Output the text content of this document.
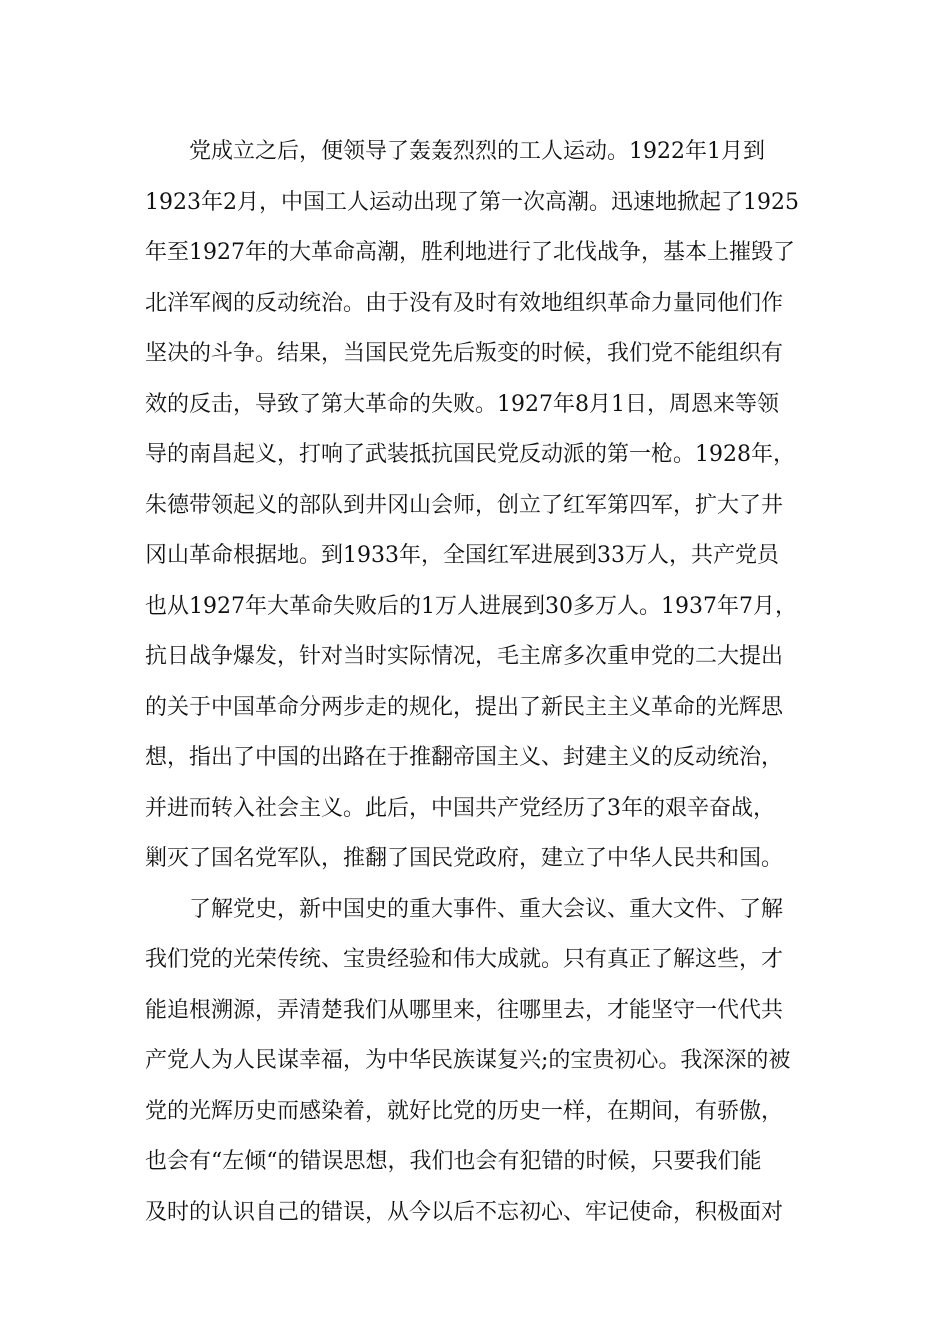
　　党成立之后，便领导了轰轰烈烈的工人运动。1922年1月到
1923年2月，中国工人运动出现了第一次高潮。迅速地掀起了1925
年至1927年的大革命高潮，胜利地进行了北伐战争，基本上摧毁了
北洋军阀的反动统治。由于没有及时有效地组织革命力量同他们作
坚决的斗争。结果，当国民党先后叛变的时候，我们党不能组织有
效的反击，导致了第大革命的失败。1927年8月1日，周恩来等领
导的南昌起义，打响了武装抵抗国民党反动派的第一枪。1928年，
朱德带领起义的部队到井冈山会师，创立了红军第四军，扩大了井
冈山革命根据地。到1933年，全国红军进展到33万人，共产党员
也从1927年大革命失败后的1万人进展到30多万人。1937年7月，
抗日战争爆发，针对当时实际情况，毛主席多次重申党的二大提出
的关于中国革命分两步走的规化，提出了新民主主义革命的光辉思
想，指出了中国的出路在于推翻帝国主义、封建主义的反动统治，
并进而转入社会主义。此后，中国共产党经历了3年的艰辛奋战，
剿灭了国名党军队，推翻了国民党政府，建立了中华人民共和国。
　　了解党史，新中国史的重大事件、重大会议、重大文件、了解
我们党的光荣传统、宝贵经验和伟大成就。只有真正了解这些，才
能追根溯源，弄清楚我们从哪里来，往哪里去，才能坚守一代代共
产党人为人民谋幸福，为中华民族谋复兴;的宝贵初心。我深深的被
党的光辉历史而感染着，就好比党的历史一样，在期间，有骄傲，
也会有“左倾“的错误思想，我们也会有犯错的时候，只要我们能
及时的认识自己的错误，从今以后不忘初心、牢记使命，积极面对
